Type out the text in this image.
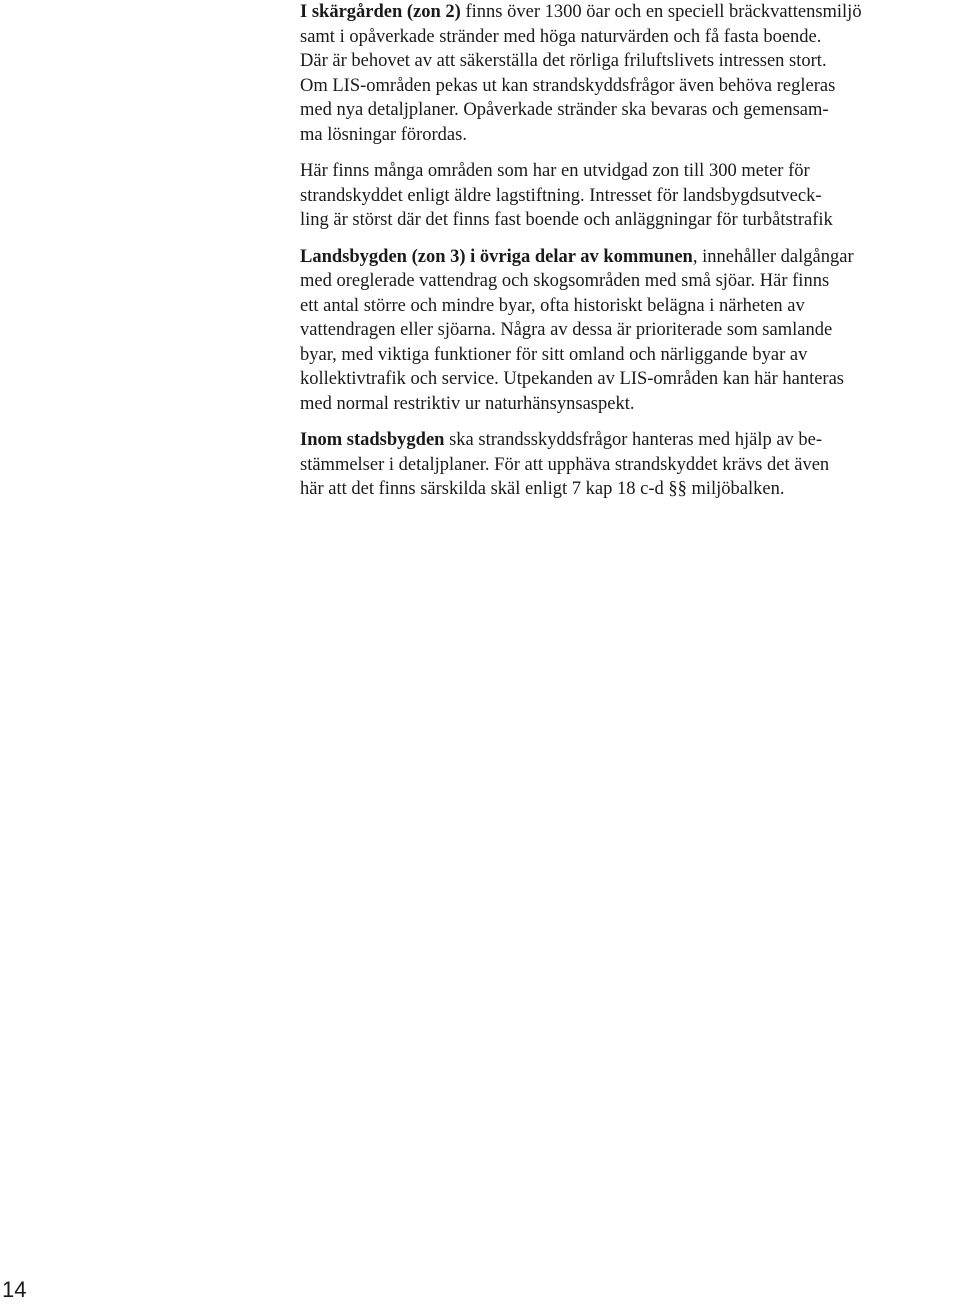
I skärgården (zon 2) finns över 1300 öar och en speciell bräckvattensmiljö
samt i opåverkade stränder med höga naturvärden och få fasta boende.
Där är behovet av att säkerställa det rörliga friluftslivets intressen stort.
Om LIS-områden pekas ut kan strandskyddsfrågor även behöva regleras
med nya detaljplaner. Opåverkade stränder ska bevaras och gemensam-
ma lösningar förordas.

Här finns många områden som har en utvidgad zon till 300 meter för
strandskyddet enligt äldre lagstiftning. Intresset för landsbygdsutveck-
ling är störst där det finns fast boende och anläggningar för turbåtstrafik

Landsbygden (zon 3) i övriga delar av kommunen, innehåller dalgångar
med oreglerade vattendrag och skogsområden med små sjöar. Här finns
ett antal större och mindre byar, ofta historiskt belägna i närheten av
vattendragen eller sjöarna. Några av dessa är prioriterade som samlande
byar, med viktiga funktioner för sitt omland och närliggande byar av
kollektivtrafik och service. Utpekanden av LIS-områden kan här hanteras
med normal restriktiv ur naturhänsynsaspekt.

Inom stadsbygden ska strandsskyddsfrågor hanteras med hjälp av be-
stämmelser i detaljplaner. För att upphäva strandskyddet krävs det även
här att det finns särskilda skäl enligt 7 kap 18 c-d §§ miljöbalken.

14
